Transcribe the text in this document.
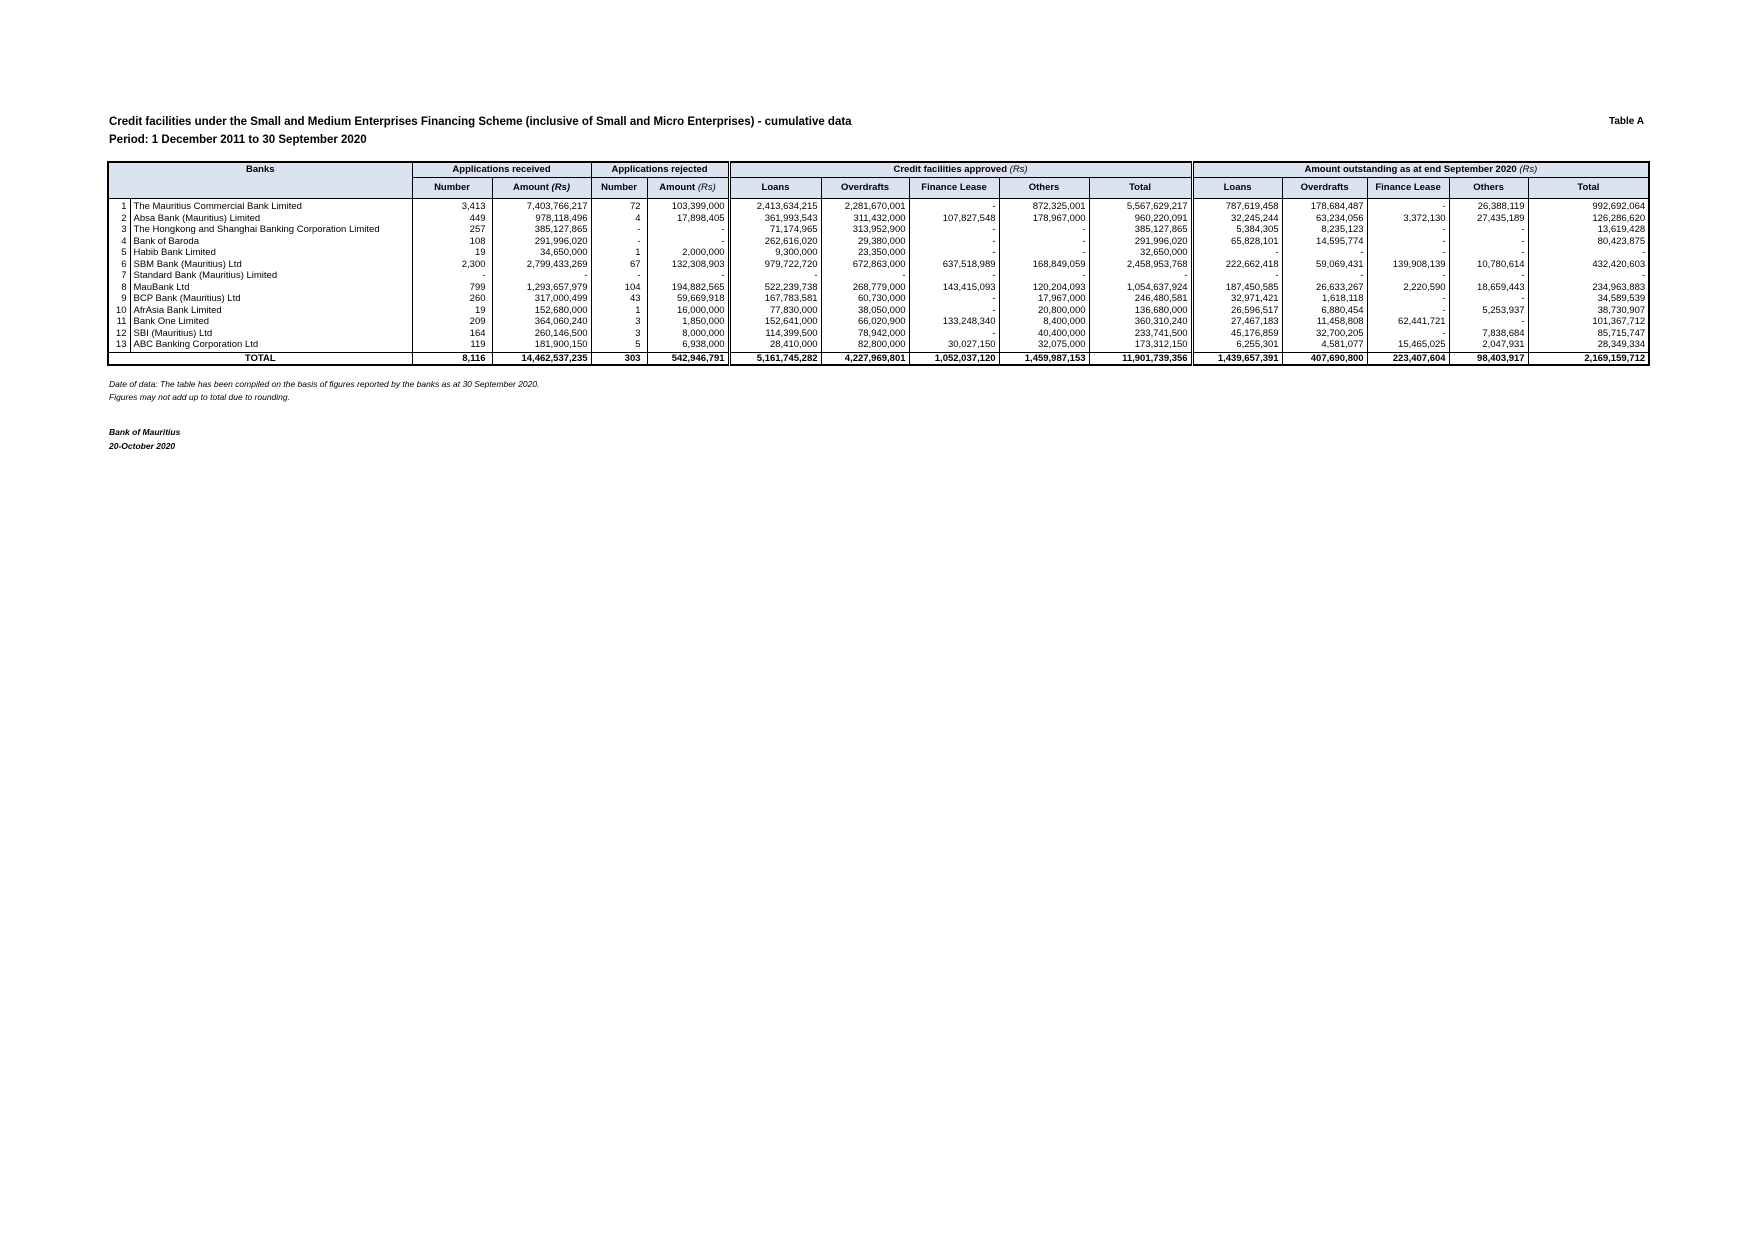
Credit facilities under the Small and Medium Enterprises Financing Scheme (inclusive of Small and Micro Enterprises) - cumulative data
Period: 1 December 2011 to 30 September 2020
Table A
Banks		Applications received		Applications rejected		Credit facilities approved (Rs)					Amount outstanding as at end September 2020 (Rs)				
		Number	Amount (Rs)	Number	Amount (Rs)	Loans	Overdrafts	Finance Lease	Others	Total	Loans	Overdrafts	Finance Lease	Others	Total
1	The Mauritius Commercial Bank Limited	3,413	7,403,766,217	72	103,399,000	2,413,634,215	2,281,670,001	-	872,325,001	5,567,629,217	787,619,458	178,684,487	-	26,388,119	992,692,064
2	Absa Bank (Mauritius) Limited	449	978,118,496	4	17,898,405	361,993,543	311,432,000	107,827,548	178,967,000	960,220,091	32,245,244	63,234,056	3,372,130	27,435,189	126,286,620
3	The Hongkong and Shanghai Banking Corporation Limited	257	385,127,865	-	-	71,174,965	313,952,900	-	-	385,127,865	5,384,305	8,235,123	-	-	13,619,428
4	Bank of Baroda	108	291,996,020	-	-	262,616,020	29,380,000	-	-	291,996,020	65,828,101	14,595,774	-	-	80,423,875
5	Habib Bank Limited	19	34,650,000	1	2,000,000	9,300,000	23,350,000	-	-	32,650,000	-	-	-	-	-
6	SBM Bank (Mauritius) Ltd	2,300	2,799,433,269	67	132,308,903	979,722,720	672,863,000	637,518,989	168,849,059	2,458,953,768	222,662,418	59,069,431	139,908,139	10,780,614	432,420,603
7	Standard Bank (Mauritius) Limited	-	-	-	-	-	-	-	-	-	-	-	-	-	-
8	MauBank Ltd	799	1,293,657,979	104	194,882,565	522,239,738	268,779,000	143,415,093	120,204,093	1,054,637,924	187,450,585	26,633,267	2,220,590	18,659,443	234,963,883
9	BCP Bank (Mauritius) Ltd	260	317,000,499	43	59,669,918	167,783,581	60,730,000	-	17,967,000	246,480,581	32,971,421	1,618,118	-	-	34,589,539
10	AfrAsia Bank Limited	19	152,680,000	1	16,000,000	77,830,000	38,050,000	-	20,800,000	136,680,000	26,596,517	6,880,454	-	5,253,937	38,730,907
11	Bank One Limited	209	364,060,240	3	1,850,000	152,641,000	66,020,900	133,248,340	8,400,000	360,310,240	27,467,183	11,458,808	62,441,721	-	101,367,712
12	SBI (Mauritius) Ltd	164	260,146,500	3	8,000,000	114,399,500	78,942,000	-	40,400,000	233,741,500	45,176,859	32,700,205	-	7,838,684	85,715,747
13	ABC Banking Corporation Ltd	119	181,900,150	5	6,938,000	28,410,000	82,800,000	30,027,150	32,075,000	173,312,150	6,255,301	4,581,077	15,465,025	2,047,931	28,349,334
TOTAL		8,116	14,462,537,235	303	542,946,791	5,161,745,282	4,227,969,801	1,052,037,120	1,459,987,153	11,901,739,356	1,439,657,391	407,690,800	223,407,604	98,403,917	2,169,159,712
Date of data: The table has been compiled on the basis of figures reported by the banks as at 30 September 2020.
Figures may not add up to total due to rounding.
Bank of Mauritius
20-October 2020
